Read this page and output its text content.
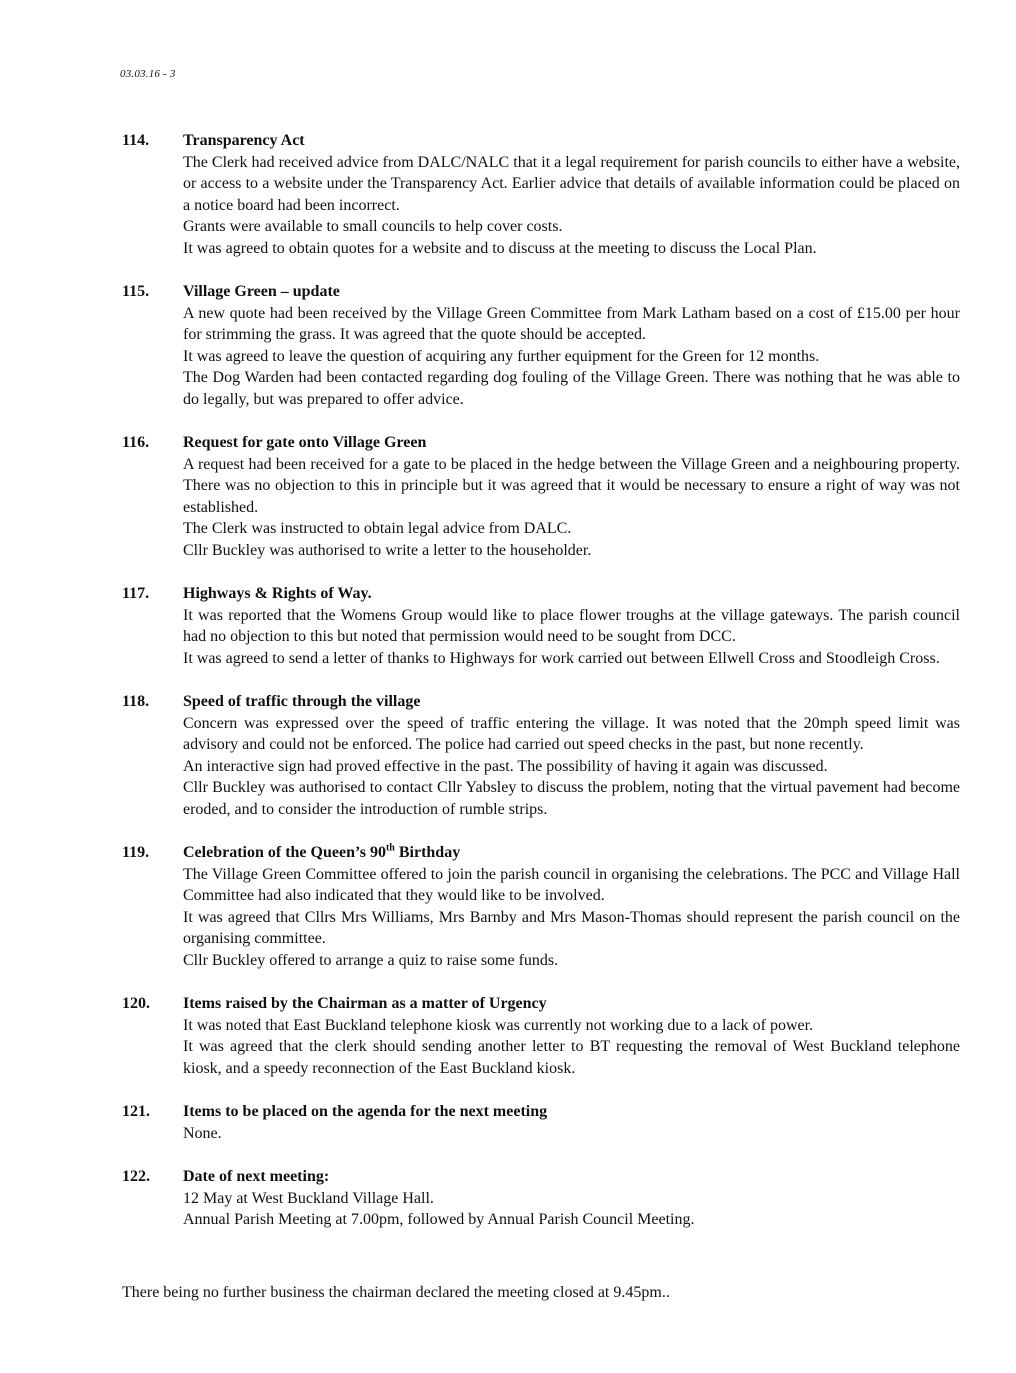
03.03.16 - 3
114.	Transparency Act

The Clerk had received advice from DALC/NALC that it a legal requirement for parish councils to either have a website, or access to a website under the Transparency Act. Earlier advice that details of available information could be placed on a notice board had been incorrect.

Grants were available to small councils to help cover costs.

It was agreed to obtain quotes for a website and to discuss at the meeting to discuss the Local Plan.

115.	Village Green – update

A new quote had been received by the Village Green Committee from Mark Latham based on a cost of £15.00 per hour for strimming the grass. It was agreed that the quote should be accepted.

It was agreed to leave the question of acquiring any further equipment for the Green for 12 months.

The Dog Warden had been contacted regarding dog fouling of the Village Green. There was nothing that he was able to do legally, but was prepared to offer advice.

116.	Request for gate onto Village Green

A request had been received for a gate to be placed in the hedge between the Village Green and a neighbouring property. There was no objection to this in principle but it was agreed that it would be necessary to ensure a right of way was not established.

The Clerk was instructed to obtain legal advice from DALC.

Cllr Buckley was authorised to write a letter to the householder.

117.	Highways & Rights of Way.

It was reported that the Womens Group would like to place flower troughs at the village gateways. The parish council had no objection to this but noted that permission would need to be sought from DCC.

It was agreed to send a letter of thanks to Highways for work carried out between Ellwell Cross and Stoodleigh Cross.

118.	Speed of traffic through the village

Concern was expressed over the speed of traffic entering the village. It was noted that the 20mph speed limit was advisory and could not be enforced. The police had carried out speed checks in the past, but none recently.

An interactive sign had proved effective in the past. The possibility of having it again was discussed.

Cllr Buckley was authorised to contact Cllr Yabsley to discuss the problem, noting that the virtual pavement had become eroded, and to consider the introduction of rumble strips.

119.	Celebration of the Queen’s 90th Birthday

The Village Green Committee offered to join the parish council in organising the celebrations. The PCC and Village Hall Committee had also indicated that they would like to be involved.

It was agreed that Cllrs Mrs Williams, Mrs Barnby and Mrs Mason-Thomas should represent the parish council on the organising committee.

Cllr Buckley offered to arrange a quiz to raise some funds.

120.	Items raised by the Chairman as a matter of Urgency

It was noted that East Buckland telephone kiosk was currently not working due to a lack of power.

It was agreed that the clerk should sending another letter to BT requesting the removal of West Buckland telephone kiosk, and a speedy reconnection of the East Buckland kiosk.

121.	Items to be placed on the agenda for the next meeting

None.

122.	Date of next meeting:

12 May at West Buckland Village Hall.

Annual Parish Meeting at 7.00pm, followed by Annual Parish Council Meeting.

There being no further business the chairman declared the meeting closed at 9.45pm..
